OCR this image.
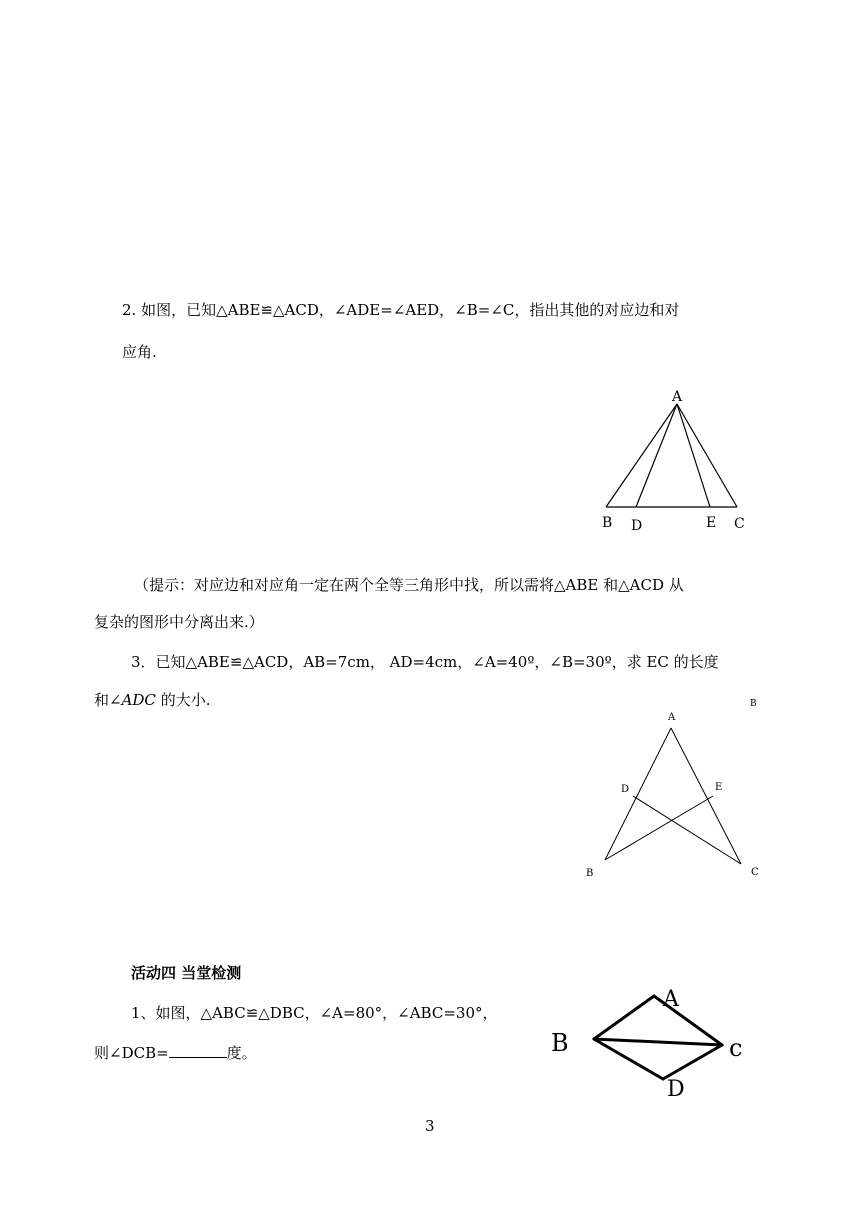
2. 如图，已知△ABE≌△ACD，∠ADE=∠AED，∠B=∠C，指出其他的对应边和对
应角.
A
B D	E C
（提示：对应边和对应角一定在两个全等三角形中找，所以需将△ABE 和△ACD 从
复杂的图形中分离出来.）
3．已知△ABE≌△ACD，AB=7cm， AD=4cm，∠A=40º，∠B=30º，求 EC 的长度
和∠ADC 的大小.
A
D	E
B	C
B
活动四 当堂检测
1、如图，△ABC≌△DBC，∠A=80°，∠ABC=30°，
则∠DCB=	度。
A
B	c
D
3
